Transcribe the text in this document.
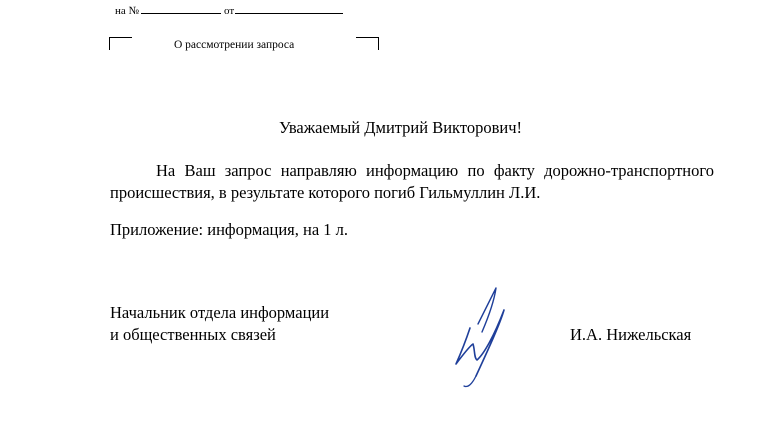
на №	от
О рассмотрении запроса
Уважаемый Дмитрий Викторович!

На Ваш запрос направляю информацию по факту дорожно-транспортного происшествия, в результате которого погиб Гильмуллин Л.И.

Приложение: информация, на 1 л.
Начальник отдела информации
и общественных связей	И.А. Нижельская
